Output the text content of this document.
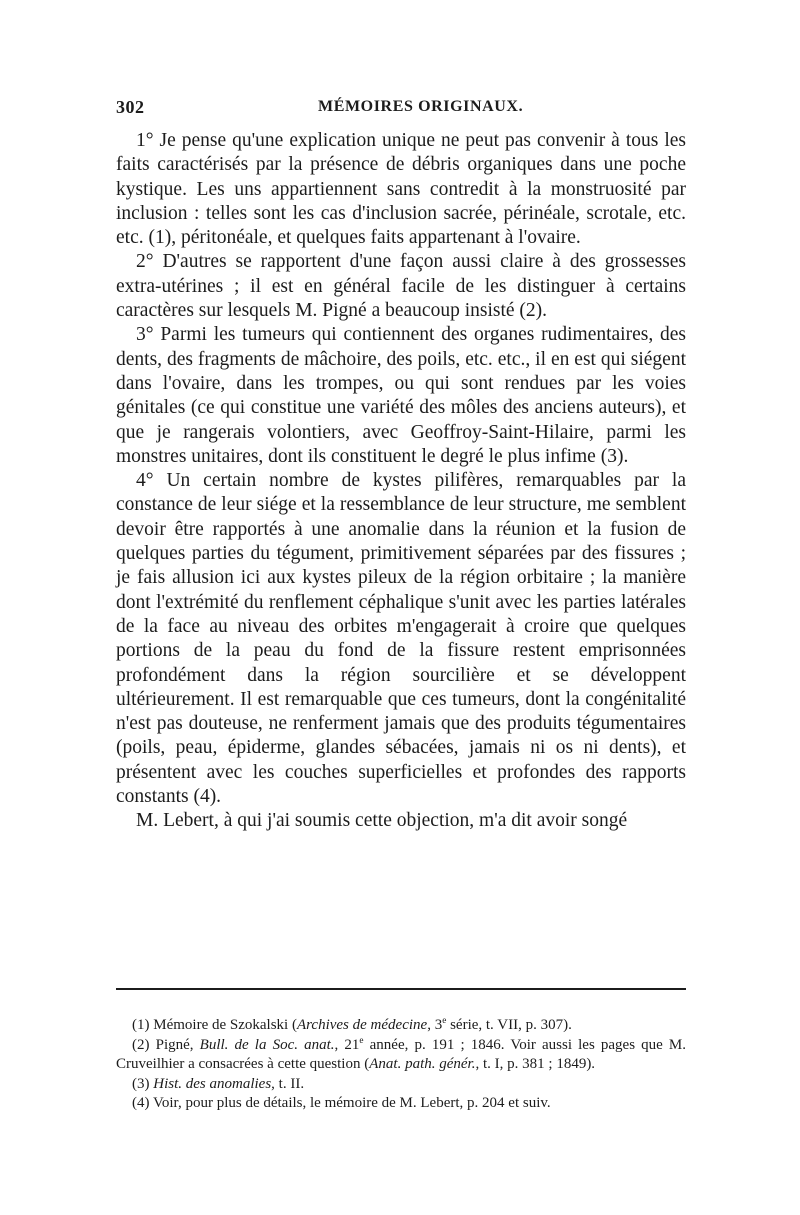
302	MÉMOIRES ORIGINAUX.

1° Je pense qu'une explication unique ne peut pas convenir à tous les faits caractérisés par la présence de débris organiques dans une poche kystique. Les uns appartiennent sans contredit à la monstruosité par inclusion : telles sont les cas d'inclusion sacrée, périnéale, scrotale, etc. etc. (1), péritonéale, et quelques faits appartenant à l'ovaire.

2° D'autres se rapportent d'une façon aussi claire à des grossesses extra-utérines ; il est en général facile de les distinguer à certains caractères sur lesquels M. Pigné a beaucoup insisté (2).

3° Parmi les tumeurs qui contiennent des organes rudimentaires, des dents, des fragments de mâchoire, des poils, etc. etc., il en est qui siégent dans l'ovaire, dans les trompes, ou qui sont rendues par les voies génitales (ce qui constitue une variété des môles des anciens auteurs), et que je rangerais volontiers, avec Geoffroy-Saint-Hilaire, parmi les monstres unitaires, dont ils constituent le degré le plus infime (3).

4° Un certain nombre de kystes pilifères, remarquables par la constance de leur siége et la ressemblance de leur structure, me semblent devoir être rapportés à une anomalie dans la réunion et la fusion de quelques parties du tégument, primitivement séparées par des fissures ; je fais allusion ici aux kystes pileux de la région orbitaire ; la manière dont l'extrémité du renflement céphalique s'unit avec les parties latérales de la face au niveau des orbites m'engagerait à croire que quelques portions de la peau du fond de la fissure restent emprisonnées profondément dans la région sourcilière et se développent ultérieurement. Il est remarquable que ces tumeurs, dont la congénitalité n'est pas douteuse, ne renferment jamais que des produits tégumentaires (poils, peau, épiderme, glandes sébacées, jamais ni os ni dents), et présentent avec les couches superficielles et profondes des rapports constants (4).

M. Lebert, à qui j'ai soumis cette objection, m'a dit avoir songé

(1) Mémoire de Szokalski (Archives de médecine, 3e série, t. VII, p. 307).

(2) Pigné, Bull. de la Soc. anat., 21e année, p. 191 ; 1846. Voir aussi les pages que M. Cruveilhier a consacrées à cette question (Anat. path. génér., t. I, p. 381 ; 1849).

(3) Hist. des anomalies, t. II.

(4) Voir, pour plus de détails, le mémoire de M. Lebert, p. 204 et suiv.
